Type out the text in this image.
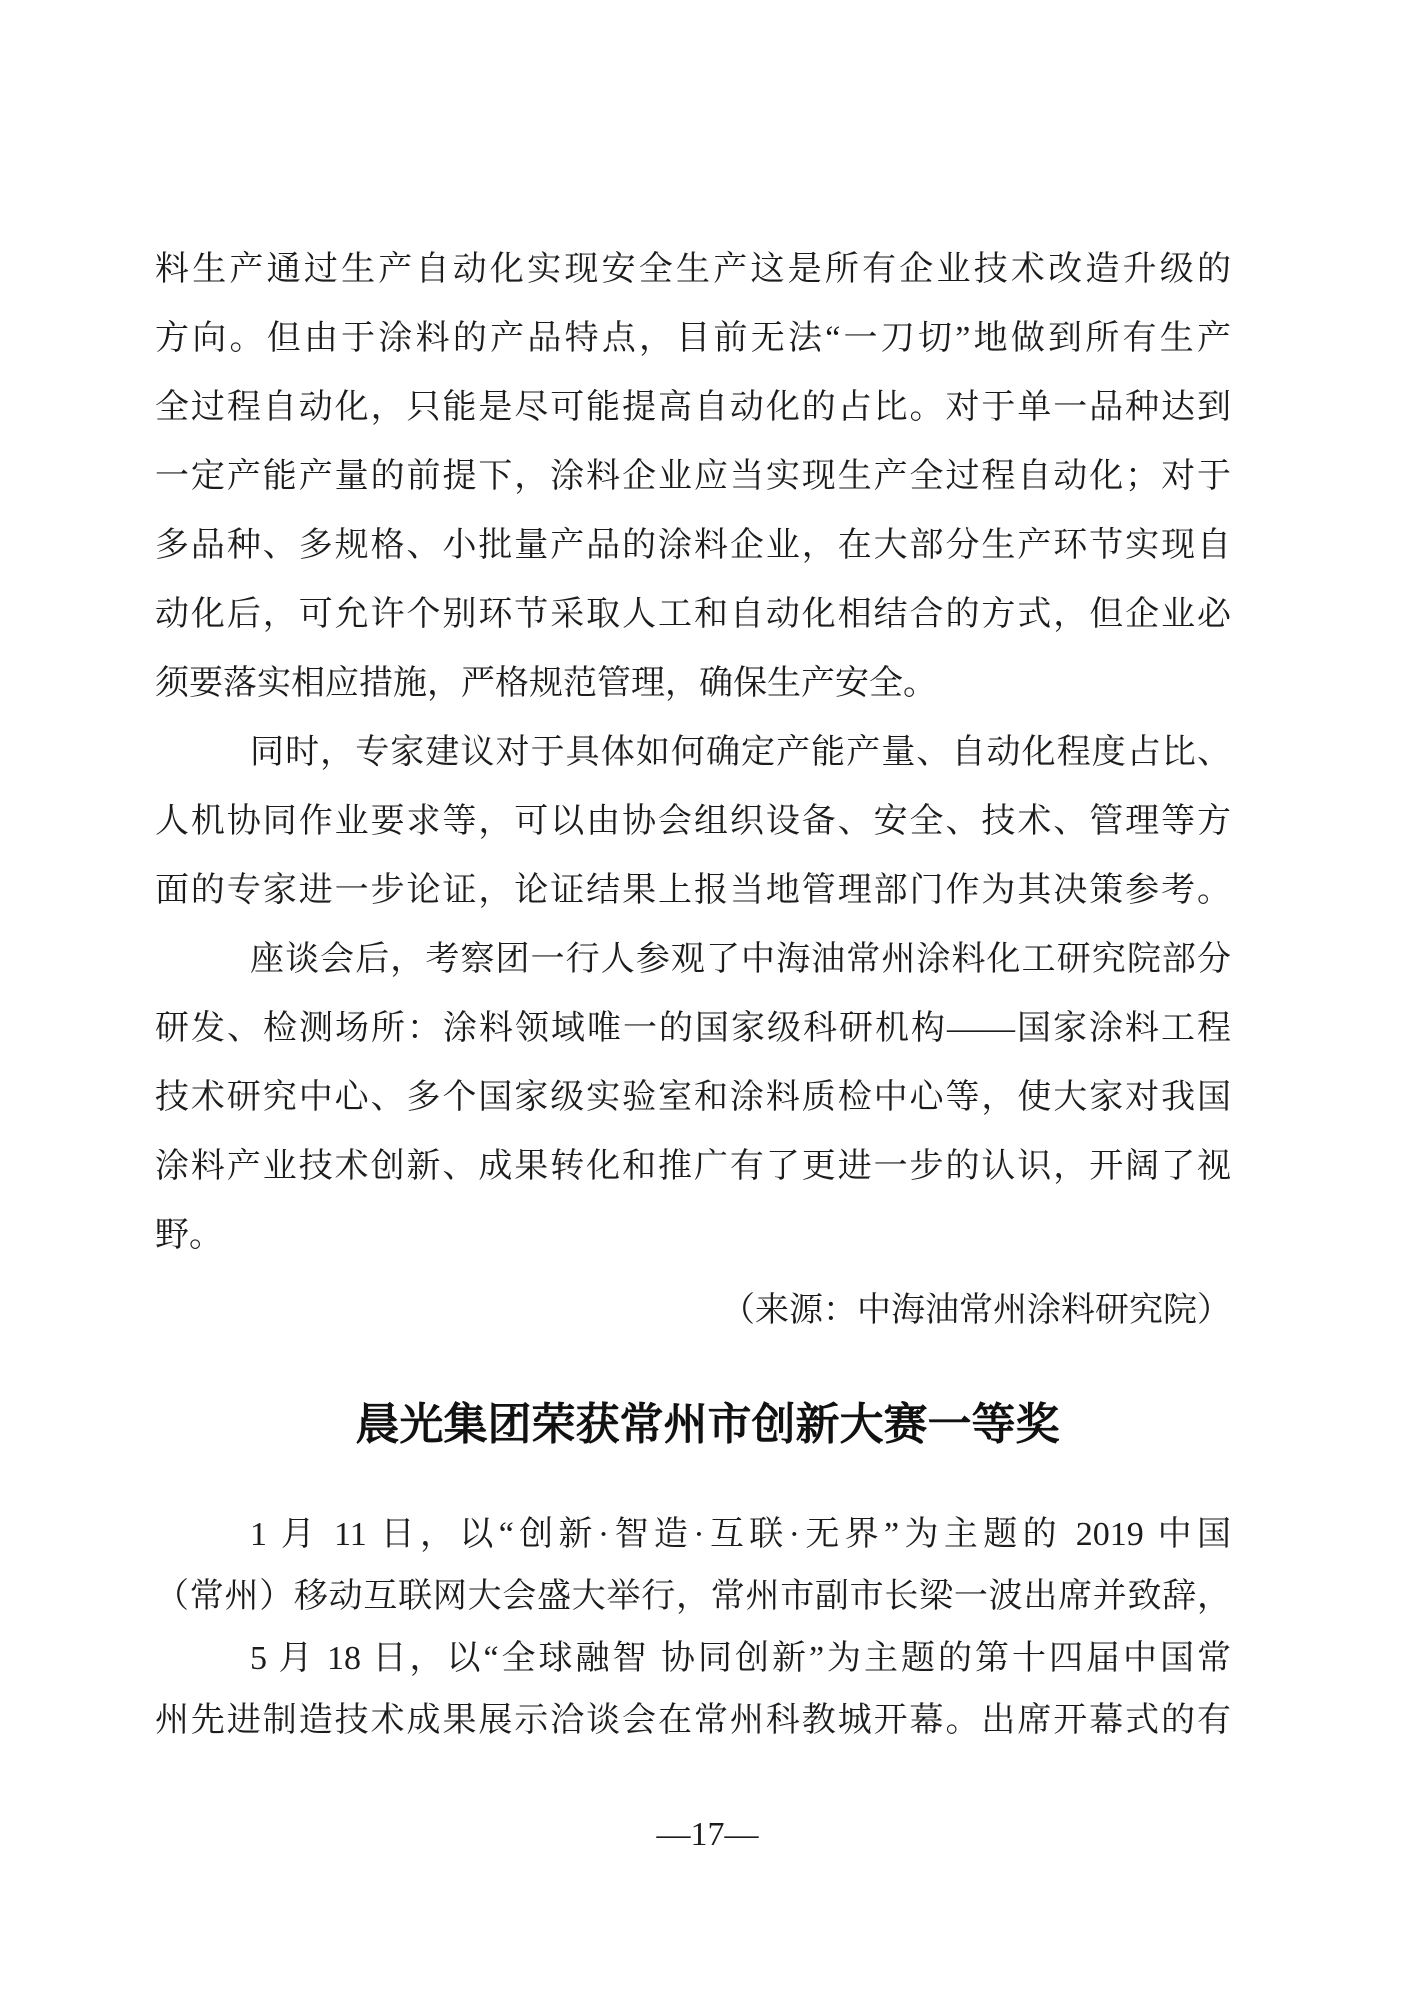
料生产通过生产自动化实现安全生产这是所有企业技术改造升级的
方向。但由于涂料的产品特点，目前无法“一刀切”地做到所有生产
全过程自动化，只能是尽可能提高自动化的占比。对于单一品种达到
一定产能产量的前提下，涂料企业应当实现生产全过程自动化；对于
多品种、多规格、小批量产品的涂料企业，在大部分生产环节实现自
动化后，可允许个别环节采取人工和自动化相结合的方式，但企业必
须要落实相应措施，严格规范管理，确保生产安全。
同时，专家建议对于具体如何确定产能产量、自动化程度占比、
人机协同作业要求等，可以由协会组织设备、安全、技术、管理等方
面的专家进一步论证，论证结果上报当地管理部门作为其决策参考。
座谈会后，考察团一行人参观了中海油常州涂料化工研究院部分
研发、检测场所：涂料领域唯一的国家级科研机构——国家涂料工程
技术研究中心、多个国家级实验室和涂料质检中心等，使大家对我国
涂料产业技术创新、成果转化和推广有了更进一步的认识，开阔了视
野。
（来源：中海油常州涂料研究院）
晨光集团荣获常州市创新大赛一等奖
1 月 11 日，以“创新·智造·互联·无界”为主题的 2019 中国
（常州）移动互联网大会盛大举行，常州市副市长梁一波出席并致辞，
5 月 18 日，以“全球融智 协同创新”为主题的第十四届中国常
州先进制造技术成果展示洽谈会在常州科教城开幕。出席开幕式的有
—17—
